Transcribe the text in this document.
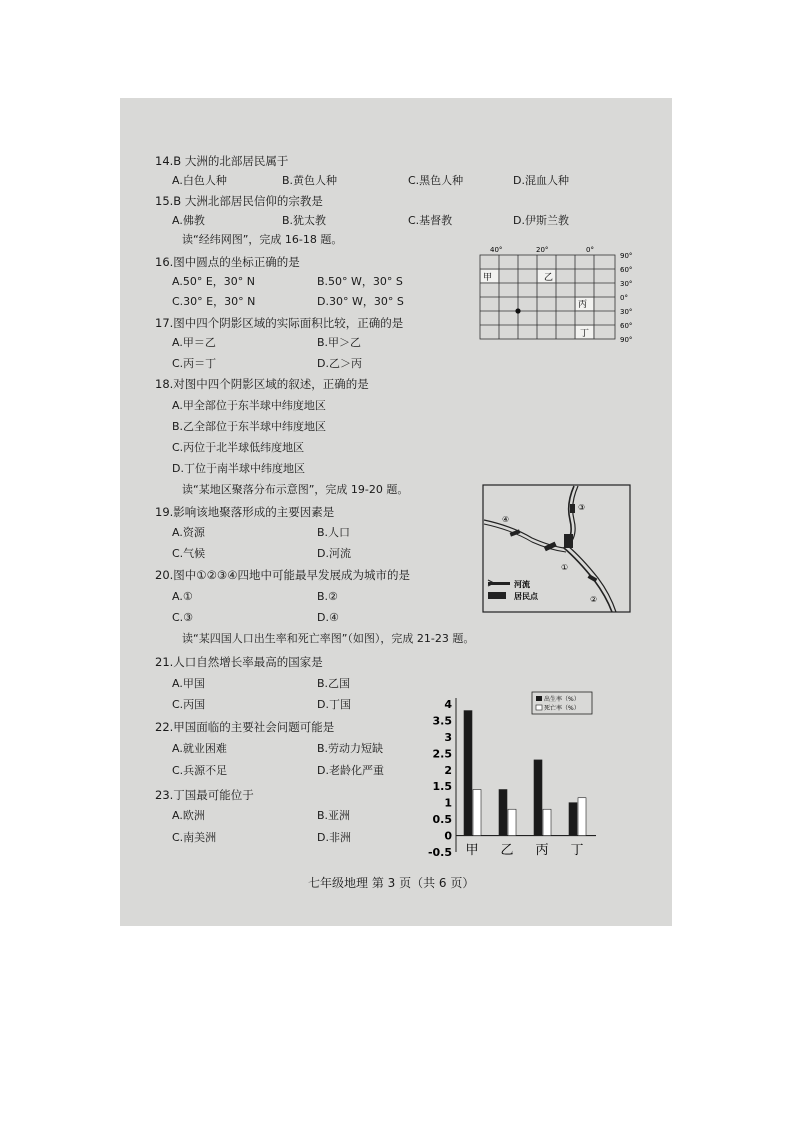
14.B 大洲的北部居民属于
A.白色人种	B.黄色人种	C.黑色人种	D.混血人种
15.B 大洲北部居民信仰的宗教是
A.佛教	B.犹太教	C.基督教	D.伊斯兰教
读“经纬网图”，完成 16-18 题。
16.图中圆点的坐标正确的是
A.50° E，30° N	B.50° W，30° S
C.30° E，30° N	D.30° W，30° S
17.图中四个阴影区域的实际面积比较，正确的是
A.甲＝乙	B.甲＞乙
C.丙＝丁	D.乙＞丙
18.对图中四个阴影区域的叙述，正确的是
A.甲全部位于东半球中纬度地区
B.乙全部位于东半球中纬度地区
C.丙位于北半球低纬度地区
D.丁位于南半球中纬度地区
读“某地区聚落分布示意图”，完成 19-20 题。
19.影响该地聚落形成的主要因素是
A.资源	B.人口
C.气候	D.河流
20.图中①②③④四地中可能最早发展成为城市的是
A.①	B.②
C.③	D.④
读“某四国人口出生率和死亡率图”（如图），完成 21-23 题。
21.人口自然增长率最高的国家是
A.甲国	B.乙国
C.丙国	D.丁国
22.甲国面临的主要社会问题可能是
A.就业困难	B.劳动力短缺
C.兵源不足	D.老龄化严重
23.丁国最可能位于
A.欧洲	B.亚洲
C.南美洲	D.非洲
七年级地理 第 3 页（共 6 页）
甲	乙
丙
丁
40°	20°	0°
90°
60°
30°
0°
30°
60°
90°
①
②
③
④
河流
居民点
4
3.5
3
2.5
2
1.5
1
0.5
0
-0.5 甲 乙 丙 丁
出生率（%）
死亡率（%）
